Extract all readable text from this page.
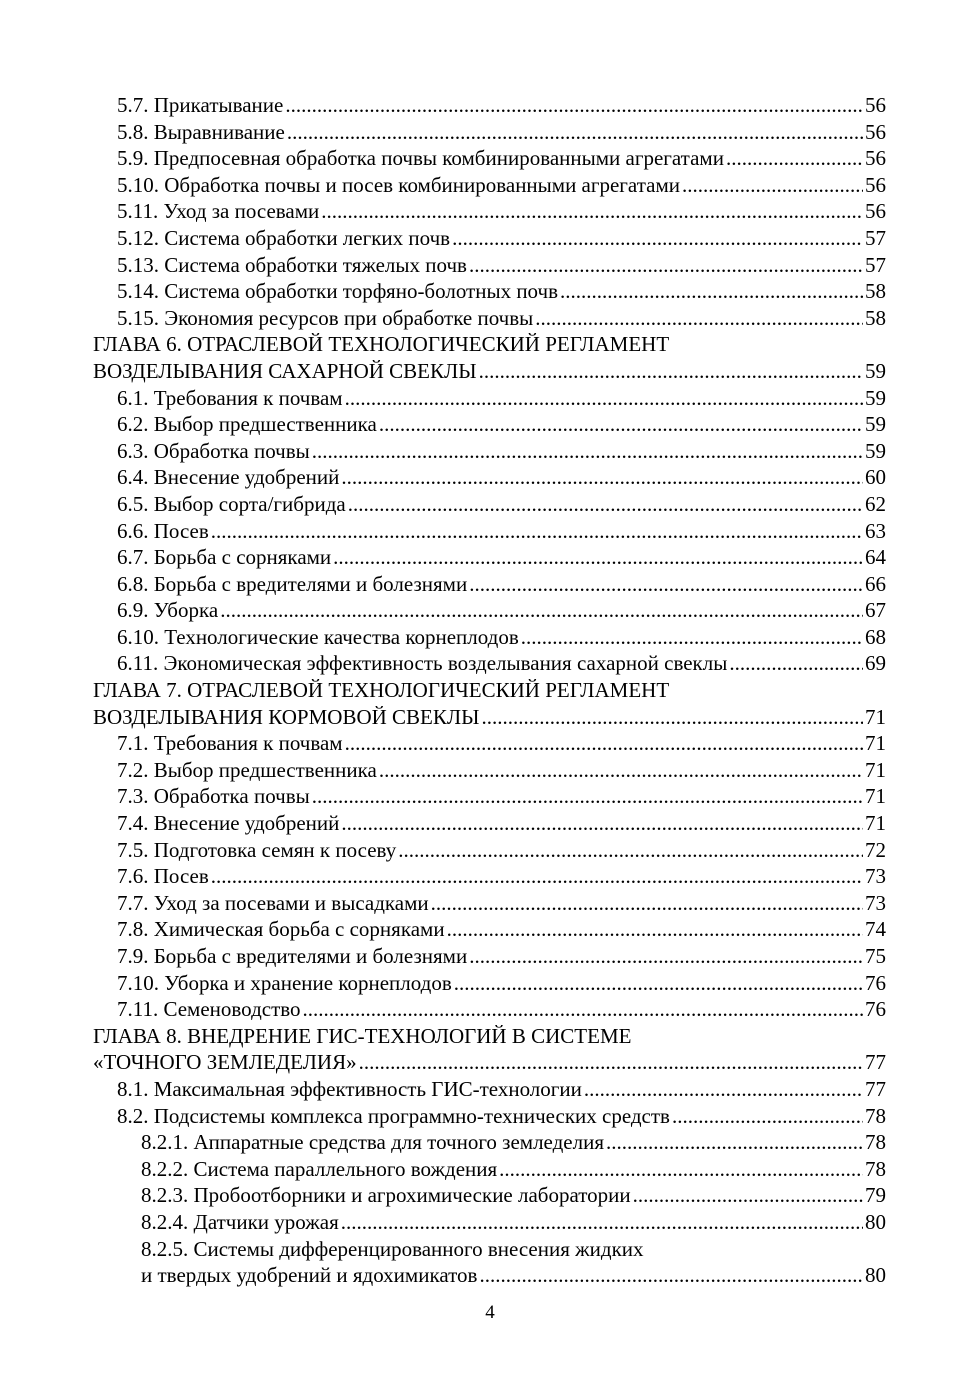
5.7. Прикатывание .....	56
5.8. Выравнивание .....	56
5.9. Предпосевная обработка почвы комбинированными агрегатами .....	56
5.10. Обработка почвы и посев комбинированными агрегатами .....	56
5.11. Уход за посевами .....	56
5.12. Система обработки легких почв .....	57
5.13. Система обработки тяжелых почв .....	57
5.14. Система обработки торфяно-болотных почв .....	58
5.15. Экономия ресурсов при обработке почвы .....	58
ГЛАВА 6. ОТРАСЛЕВОЙ ТЕХНОЛОГИЧЕСКИЙ РЕГЛАМЕНТ
ВОЗДЕЛЫВАНИЯ САХАРНОЙ СВЕКЛЫ .....	59
6.1. Требования к почвам .....	59
6.2. Выбор предшественника .....	59
6.3. Обработка почвы .....	59
6.4. Внесение удобрений .....	60
6.5. Выбор сорта/гибрида .....	62
6.6. Посев .....	63
6.7. Борьба с сорняками .....	64
6.8. Борьба с вредителями и болезнями .....	66
6.9. Уборка .....	67
6.10. Технологические качества корнеплодов .....	68
6.11. Экономическая эффективность возделывания сахарной свеклы .....	69
ГЛАВА 7. ОТРАСЛЕВОЙ ТЕХНОЛОГИЧЕСКИЙ РЕГЛАМЕНТ
ВОЗДЕЛЫВАНИЯ КОРМОВОЙ СВЕКЛЫ .....	71
7.1. Требования к почвам .....	71
7.2. Выбор предшественника .....	71
7.3. Обработка почвы .....	71
7.4. Внесение удобрений .....	71
7.5. Подготовка семян к посеву .....	72
7.6. Посев .....	73
7.7. Уход за посевами и высадками .....	73
7.8. Химическая борьба с сорняками .....	74
7.9. Борьба с вредителями и болезнями .....	75
7.10. Уборка и хранение корнеплодов .....	76
7.11. Семеноводство .....	76
ГЛАВА 8. ВНЕДРЕНИЕ ГИС-ТЕХНОЛОГИЙ В СИСТЕМЕ
«ТОЧНОГО ЗЕМЛЕДЕЛИЯ» .....	77
8.1. Максимальная эффективность ГИС-технологии .....	77
8.2. Подсистемы комплекса программно-технических средств .....	78
8.2.1. Аппаратные средства для точного земледелия .....	78
8.2.2. Система параллельного вождения .....	78
8.2.3. Пробоотборники и агрохимические лаборатории .....	79
8.2.4. Датчики урожая .....	80
8.2.5. Системы дифференцированного внесения жидких
и твердых удобрений и ядохимикатов .....	80
4
